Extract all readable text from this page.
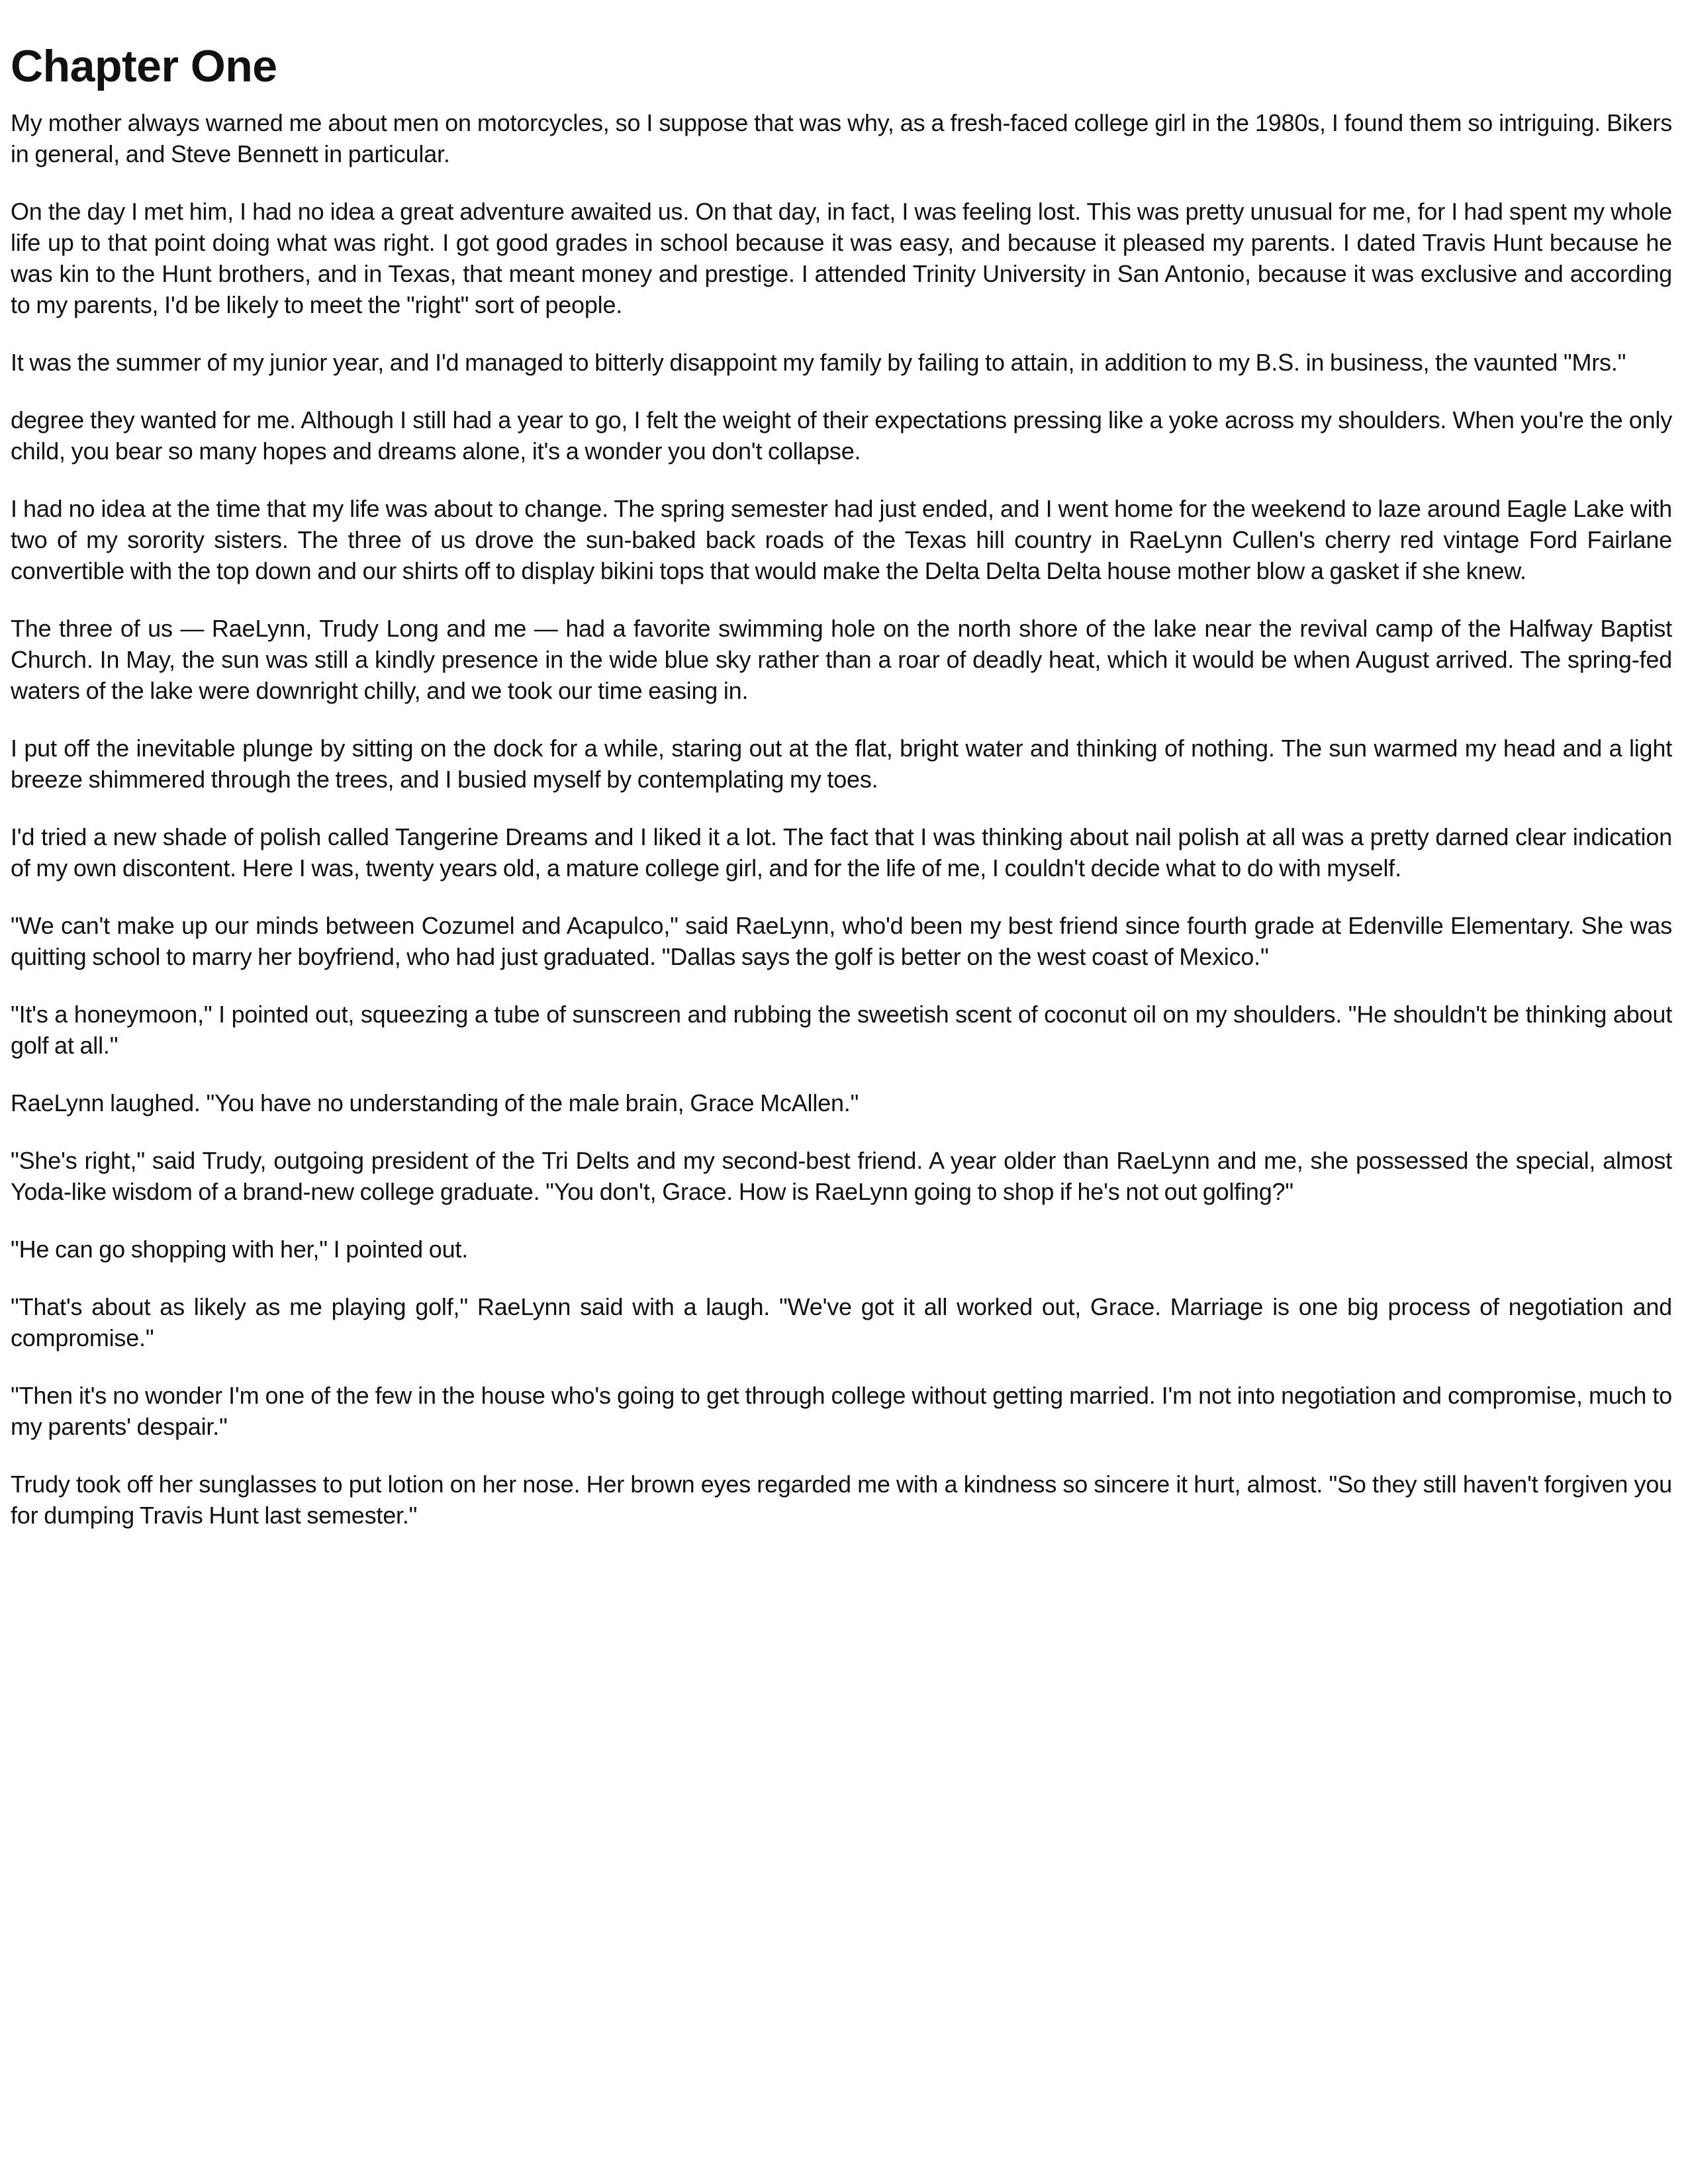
Chapter One

My mother always warned me about men on motorcycles, so I suppose that was why, as a fresh-faced college girl in the 1980s, I found them so intriguing. Bikers in general, and Steve Bennett in particular.

On the day I met him, I had no idea a great adventure awaited us. On that day, in fact, I was feeling lost. This was pretty unusual for me, for I had spent my whole life up to that point doing what was right. I got good grades in school because it was easy, and because it pleased my parents. I dated Travis Hunt because he was kin to the Hunt brothers, and in Texas, that meant money and prestige. I attended Trinity University in San Antonio, because it was exclusive and according to my parents, I'd be likely to meet the "right" sort of people.

It was the summer of my junior year, and I'd managed to bitterly disappoint my family by failing to attain, in addition to my B.S. in business, the vaunted "Mrs."

degree they wanted for me. Although I still had a year to go, I felt the weight of their expectations pressing like a yoke across my shoulders. When you're the only child, you bear so many hopes and dreams alone, it's a wonder you don't collapse.

I had no idea at the time that my life was about to change. The spring semester had just ended, and I went home for the weekend to laze around Eagle Lake with two of my sorority sisters. The three of us drove the sun-baked back roads of the Texas hill country in RaeLynn Cullen's cherry red vintage Ford Fairlane convertible with the top down and our shirts off to display bikini tops that would make the Delta Delta Delta house mother blow a gasket if she knew.

The three of us — RaeLynn, Trudy Long and me — had a favorite swimming hole on the north shore of the lake near the revival camp of the Halfway Baptist Church. In May, the sun was still a kindly presence in the wide blue sky rather than a roar of deadly heat, which it would be when August arrived. The spring-fed waters of the lake were downright chilly, and we took our time easing in.

I put off the inevitable plunge by sitting on the dock for a while, staring out at the flat, bright water and thinking of nothing. The sun warmed my head and a light breeze shimmered through the trees, and I busied myself by contemplating my toes.

I'd tried a new shade of polish called Tangerine Dreams and I liked it a lot. The fact that I was thinking about nail polish at all was a pretty darned clear indication of my own discontent. Here I was, twenty years old, a mature college girl, and for the life of me, I couldn't decide what to do with myself.

"We can't make up our minds between Cozumel and Acapulco," said RaeLynn, who'd been my best friend since fourth grade at Edenville Elementary. She was quitting school to marry her boyfriend, who had just graduated. "Dallas says the golf is better on the west coast of Mexico."

"It's a honeymoon," I pointed out, squeezing a tube of sunscreen and rubbing the sweetish scent of coconut oil on my shoulders. "He shouldn't be thinking about golf at all."

RaeLynn laughed. "You have no understanding of the male brain, Grace McAllen."

"She's right," said Trudy, outgoing president of the Tri Delts and my second-best friend. A year older than RaeLynn and me, she possessed the special, almost Yoda-like wisdom of a brand-new college graduate. "You don't, Grace. How is RaeLynn going to shop if he's not out golfing?"

"He can go shopping with her," I pointed out.

"That's about as likely as me playing golf," RaeLynn said with a laugh. "We've got it all worked out, Grace. Marriage is one big process of negotiation and compromise."

"Then it's no wonder I'm one of the few in the house who's going to get through college without getting married. I'm not into negotiation and compromise, much to my parents' despair."

Trudy took off her sunglasses to put lotion on her nose. Her brown eyes regarded me with a kindness so sincere it hurt, almost. "So they still haven't forgiven you for dumping Travis Hunt last semester."
